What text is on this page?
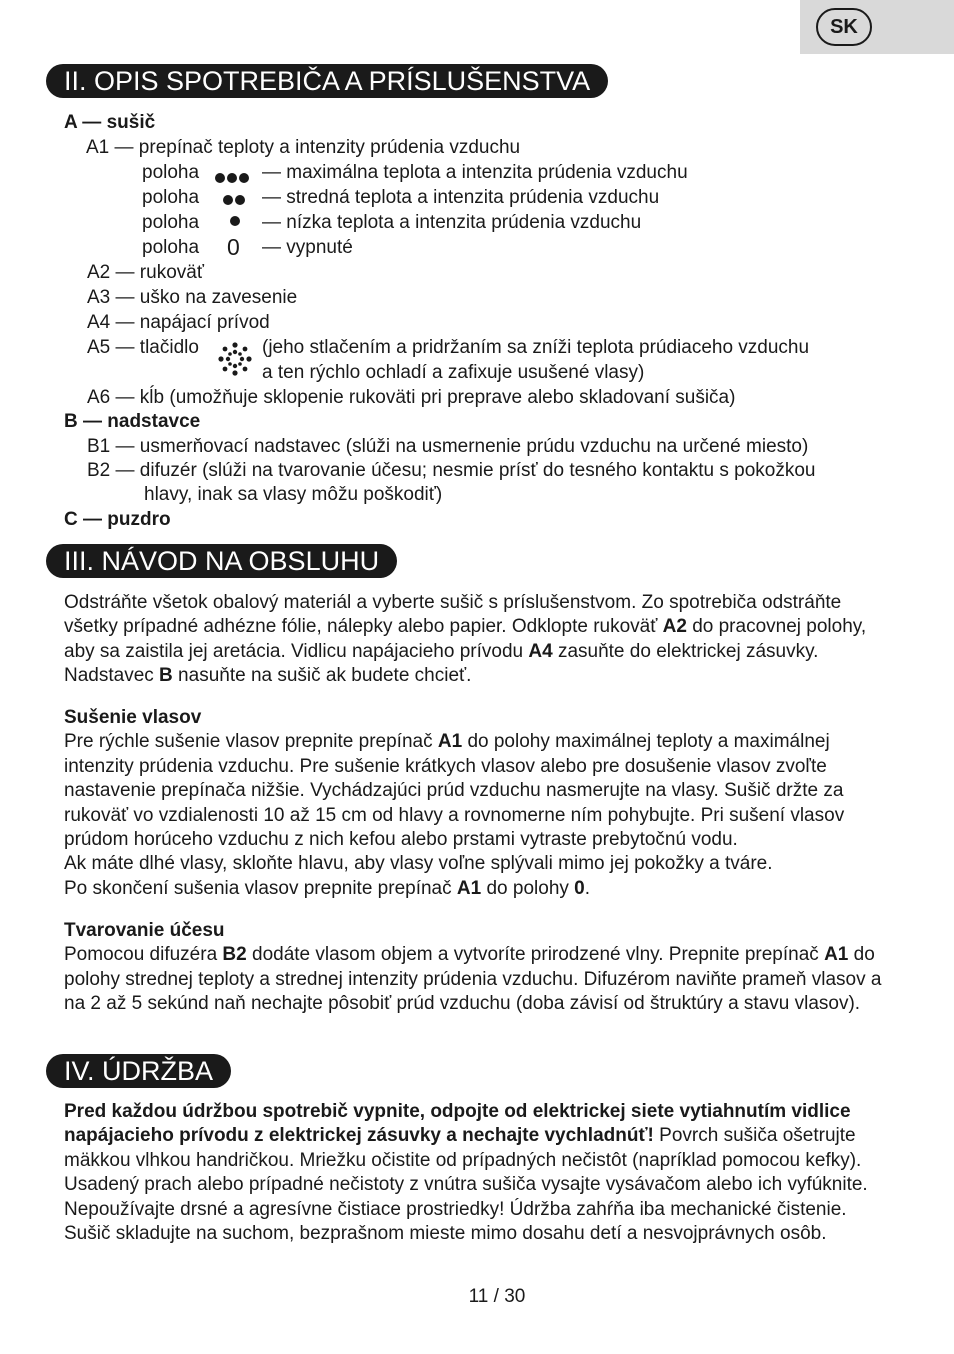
SK
II. OPIS SPOTREBIČA A PRÍSLUŠENSTVA
A — sušič
A1 — prepínač teploty a intenzity prúdenia vzduchu
poloha	— maximálna teplota a intenzita prúdenia vzduchu
poloha	— stredná teplota a intenzita prúdenia vzduchu
poloha	— nízka teplota a intenzita prúdenia vzduchu
poloha 0 — vypnuté
A2 — rukoväť
A3 — uško na zavesenie
A4 — napájací prívod
A5 — tlačidlo	(jeho stlačením a pridržaním sa zníži teplota prúdiaceho vzduchu
a ten rýchlo ochladí a zafixuje usušené vlasy)
A6 — kĺb (umožňuje sklopenie rukoväti pri preprave alebo skladovaní sušiča)
B — nadstavce
B1 — usmerňovací nadstavec (slúži na usmernenie prúdu vzduchu na určené miesto)
B2 — difuzér (slúži na tvarovanie účesu; nesmie prísť do tesného kontaktu s pokožkou
hlavy, inak sa vlasy môžu poškodiť)
C — puzdro
III. NÁVOD NA OBSLUHU

Odstráňte všetok obalový materiál a vyberte sušič s príslušenstvom. Zo spotrebiča odstráňte všetky prípadné adhézne fólie, nálepky alebo papier. Odklopte rukoväť A2 do pracovnej polohy, aby sa zaistila jej aretácia. Vidlicu napájacieho prívodu A4 zasuňte do elektrickej zásuvky. Nadstavec B nasuňte na sušič ak budete chcieť.

Sušenie vlasov

Pre rýchle sušenie vlasov prepnite prepínač A1 do polohy maximálnej teploty a maximálnej intenzity prúdenia vzduchu. Pre sušenie krátkych vlasov alebo pre dosušenie vlasov zvoľte nastavenie prepínača nižšie. Vychádzajúci prúd vzduchu nasmerujte na vlasy. Sušič držte za rukoväť vo vzdialenosti 10 až 15 cm od hlavy a rovnomerne ním pohybujte. Pri sušení vlasov prúdom horúceho vzduchu z nich kefou alebo prstami vytraste prebytočnú vodu.

Ak máte dlhé vlasy, skloňte hlavu, aby vlasy voľne splývali mimo jej pokožky a tváre.

Po skončení sušenia vlasov prepnite prepínač A1 do polohy 0.

Tvarovanie účesu

Pomocou difuzéra B2 dodáte vlasom objem a vytvoríte prirodzené vlny. Prepnite prepínač A1 do polohy strednej teploty a strednej intenzity prúdenia vzduchu. Difuzérom naviňte prameň vlasov a na 2 až 5 sekúnd naň nechajte pôsobiť prúd vzduchu (doba závisí od štruktúry a stavu vlasov).

IV. ÚDRŽBA

Pred každou údržbou spotrebič vypnite, odpojte od elektrickej siete vytiahnutím vidlice napájacieho prívodu z elektrickej zásuvky a nechajte vychladnúť! Povrch sušiča ošetrujte mäkkou vlhkou handričkou. Mriežku očistite od prípadných nečistôt (napríklad pomocou kefky). Usadený prach alebo prípadné nečistoty z vnútra sušiča vysajte vysávačom alebo ich vyfúknite. Nepoužívajte drsné a agresívne čistiace prostriedky! Údržba zahŕňa iba mechanické čistenie. Sušič skladujte na suchom, bezprašnom mieste mimo dosahu detí a nesvojprávnych osôb.

11 / 30
